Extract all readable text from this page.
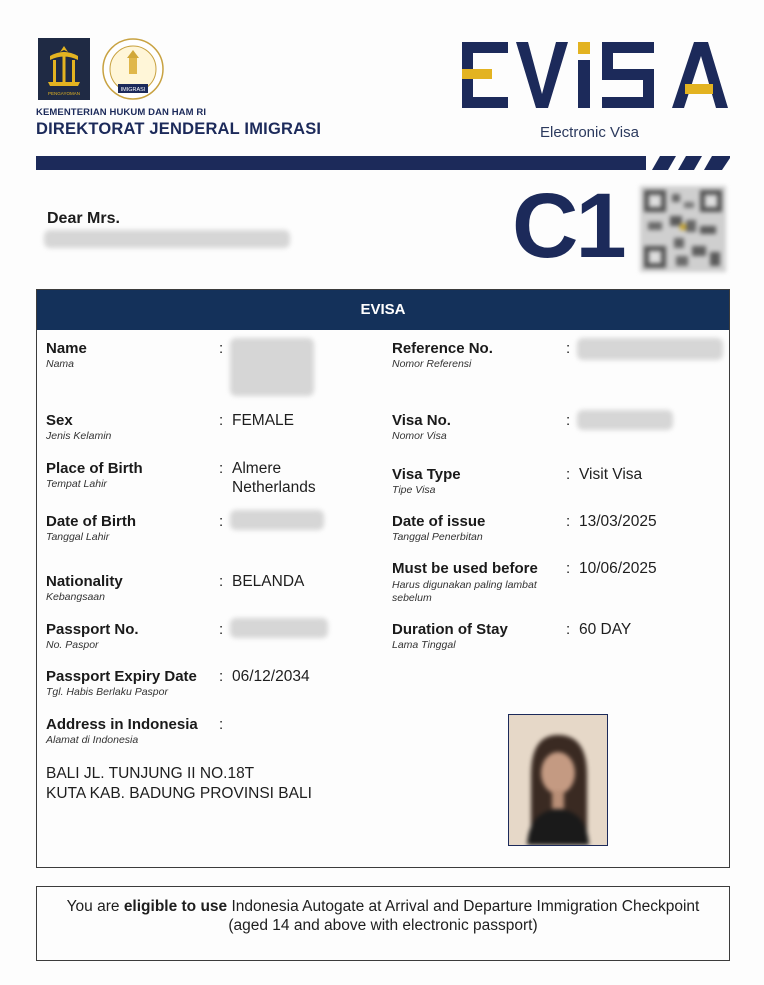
PENGAYOMAN
IMIGRASI
KEMENTERIAN HUKUM DAN HAM RI
DIREKTORAT JENDERAL IMIGRASI	Electronic Visa
Dear Mrs.	C1
EVISA
Name
Nama
:
Sex
Jenis Kelamin
: FEMALE
Place of Birth
Tempat Lahir
: Almere
Netherlands
Date of Birth
Tanggal Lahir
:
Nationality
Kebangsaan
: BELANDA
Passport No.
No. Paspor
:
Passport Expiry Date
Tgl. Habis Berlaku Paspor
: 06/12/2034
Address in Indonesia
Alamat di Indonesia
:
BALI JL. TUNJUNG II NO.18T
KUTA KAB. BADUNG PROVINSI BALI
Reference No.
Nomor Referensi
:
Visa No.
Nomor Visa
:
Visa Type
Tipe Visa
: Visit Visa
Date of issue
Tanggal Penerbitan
: 13/03/2025
Must be used before
Harus digunakan paling lambat
sebelum
: 10/06/2025
Duration of Stay
Lama Tinggal
: 60 DAY
You are eligible to use Indonesia Autogate at Arrival and Departure Immigration Checkpoint
(aged 14 and above with electronic passport)
